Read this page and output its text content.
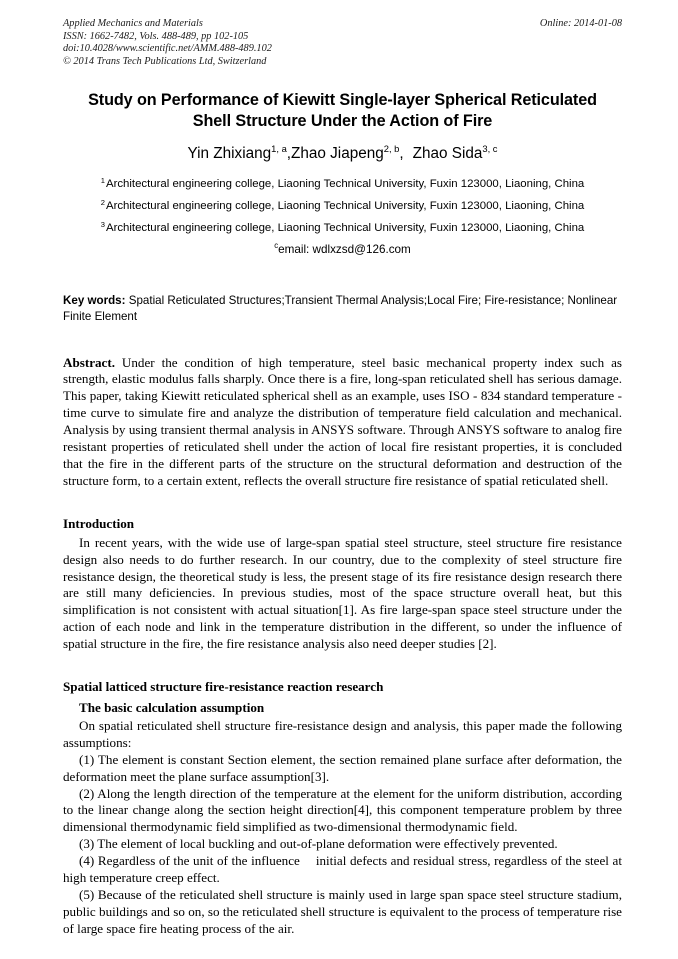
Applied Mechanics and Materials
ISSN: 1662-7482, Vols. 488-489, pp 102-105
doi:10.4028/www.scientific.net/AMM.488-489.102
© 2014 Trans Tech Publications Ltd, Switzerland
Online: 2014-01-08
Study on Performance of Kiewitt Single-layer Spherical Reticulated Shell Structure Under the Action of Fire
Yin Zhixiang$^{1, a}$,Zhao Jiapeng$^{2, b}$, Zhao Sida$^{3, c}$
$^1$Architectural engineering college, Liaoning Technical University, Fuxin 123000, Liaoning, China
$^2$Architectural engineering college, Liaoning Technical University, Fuxin 123000, Liaoning, China
$^3$Architectural engineering college, Liaoning Technical University, Fuxin 123000, Liaoning, China
$^c$email: wdlxzsd@126.com
Key words: Spatial Reticulated Structures;Transient Thermal Analysis;Local Fire; Fire-resistance; Nonlinear Finite Element
Abstract. Under the condition of high temperature, steel basic mechanical property index such as strength, elastic modulus falls sharply. Once there is a fire, long-span reticulated shell has serious damage. This paper, taking Kiewitt reticulated spherical shell as an example, uses ISO - 834 standard temperature - time curve to simulate fire and analyze the distribution of temperature field calculation and mechanical. Analysis by using transient thermal analysis in ANSYS software. Through ANSYS software to analog fire resistant properties of reticulated shell under the action of local fire resistant properties, it is concluded that the fire in the different parts of the structure on the structural deformation and destruction of the structure form, to a certain extent, reflects the overall structure fire resistance of spatial reticulated shell.
Introduction

In recent years, with the wide use of large-span spatial steel structure, steel structure fire resistance design also needs to do further research. In our country, due to the complexity of steel structure fire resistance design, the theoretical study is less, the present stage of its fire resistance design research there are still many deficiencies. In previous studies, most of the space structure overall heat, but this simplification is not consistent with actual situation[1]. As fire large-span space steel structure under the action of each node and link in the temperature distribution in the different, so under the influence of spatial structure in the fire, the fire resistance analysis also need deeper studies [2].

Spatial latticed structure fire-resistance reaction research
The basic calculation assumption

On spatial reticulated shell structure fire-resistance design and analysis, this paper made the following assumptions:

(1) The element is constant Section element, the section remained plane surface after deformation, the deformation meet the plane surface assumption[3].

(2) Along the length direction of the temperature at the element for the uniform distribution, according to the linear change along the section height direction[4], this component temperature problem by three dimensional thermodynamic field simplified as two-dimensional thermodynamic field.

(3) The element of local buckling and out-of-plane deformation were effectively prevented.

(4) Regardless of the unit of the influence initial defects and residual stress, regardless of the steel at high temperature creep effect.

(5) Because of the reticulated shell structure is mainly used in large span space steel structure stadium, public buildings and so on, so the reticulated shell structure is equivalent to the process of temperature rise of large space fire heating process of the air.
